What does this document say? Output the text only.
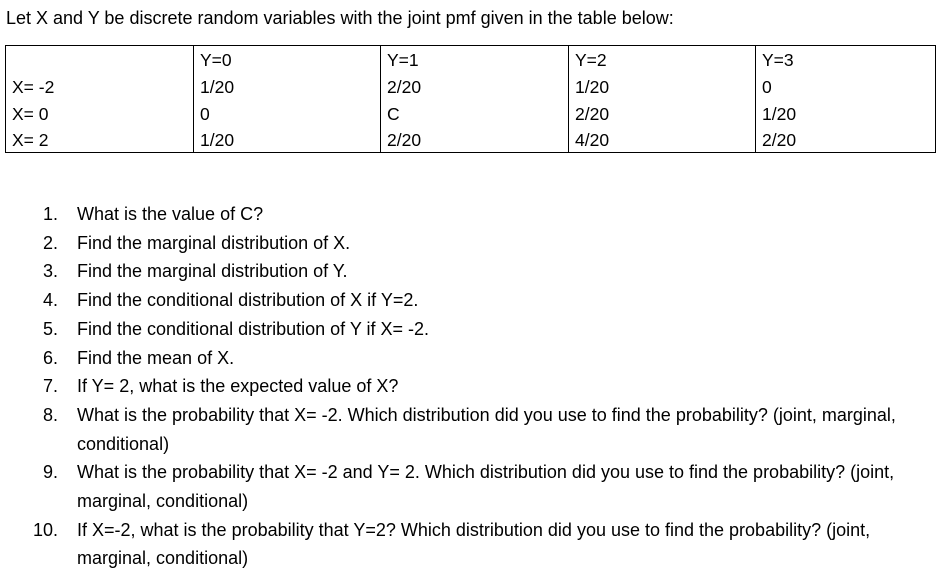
Let X and Y be discrete random variables with the joint pmf given in the table below:
	Y=0	Y=1	Y=2	Y=3
X= -2	1/20	2/20	1/20	0
X= 0	0	C	2/20	1/20
X= 2	1/20	2/20	4/20	2/20
1. What is the value of C?
2. Find the marginal distribution of X.
3. Find the marginal distribution of Y.
4. Find the conditional distribution of X if Y=2.
5. Find the conditional distribution of Y if X= -2.
6. Find the mean of X.
7. If Y= 2, what is the expected value of X?
8. What is the probability that X= -2. Which distribution did you use to find the probability? (joint, marginal, conditional)
9. What is the probability that X= -2 and Y= 2. Which distribution did you use to find the probability? (joint, marginal, conditional)
10. If X=-2, what is the probability that Y=2? Which distribution did you use to find the probability? (joint, marginal, conditional)
